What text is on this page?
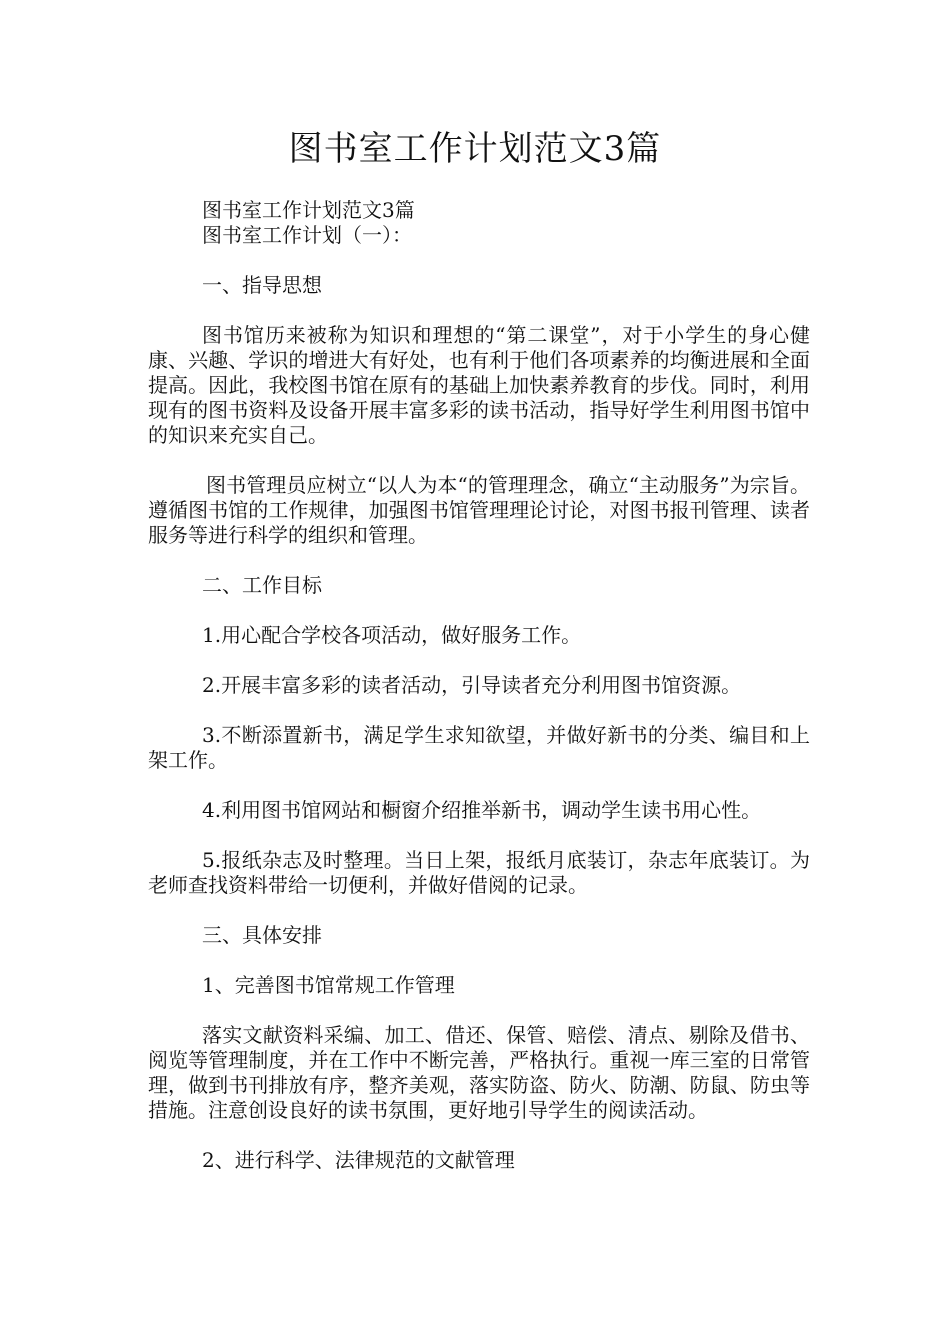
图书室工作计划范文3篇
图书室工作计划范文3篇
图书室工作计划（一）：
一、指导思想
图书馆历来被称为知识和理想的“第二课堂”，对于小学生的身心健康、兴趣、学识的增进大有好处，也有利于他们各项素养的均衡进展和全面提高。因此，我校图书馆在原有的基础上加快素养教育的步伐。同时，利用现有的图书资料及设备开展丰富多彩的读书活动，指导好学生利用图书馆中的知识来充实自己。
图书管理员应树立“以人为本“的管理理念，确立“主动服务”为宗旨。遵循图书馆的工作规律，加强图书馆管理理论讨论，对图书报刊管理、读者服务等进行科学的组织和管理。
二、工作目标
1.用心配合学校各项活动，做好服务工作。
2.开展丰富多彩的读者活动，引导读者充分利用图书馆资源。
3.不断添置新书，满足学生求知欲望，并做好新书的分类、编目和上架工作。
4.利用图书馆网站和橱窗介绍推举新书，调动学生读书用心性。
5.报纸杂志及时整理。当日上架，报纸月底装订，杂志年底装订。为老师查找资料带给一切便利，并做好借阅的记录。
三、具体安排
1、完善图书馆常规工作管理
落实文献资料采编、加工、借还、保管、赔偿、清点、剔除及借书、阅览等管理制度，并在工作中不断完善，严格执行。重视一库三室的日常管理，做到书刊排放有序，整齐美观，落实防盗、防火、防潮、防鼠、防虫等措施。注意创设良好的读书氛围，更好地引导学生的阅读活动。
2、进行科学、法律规范的文献管理
